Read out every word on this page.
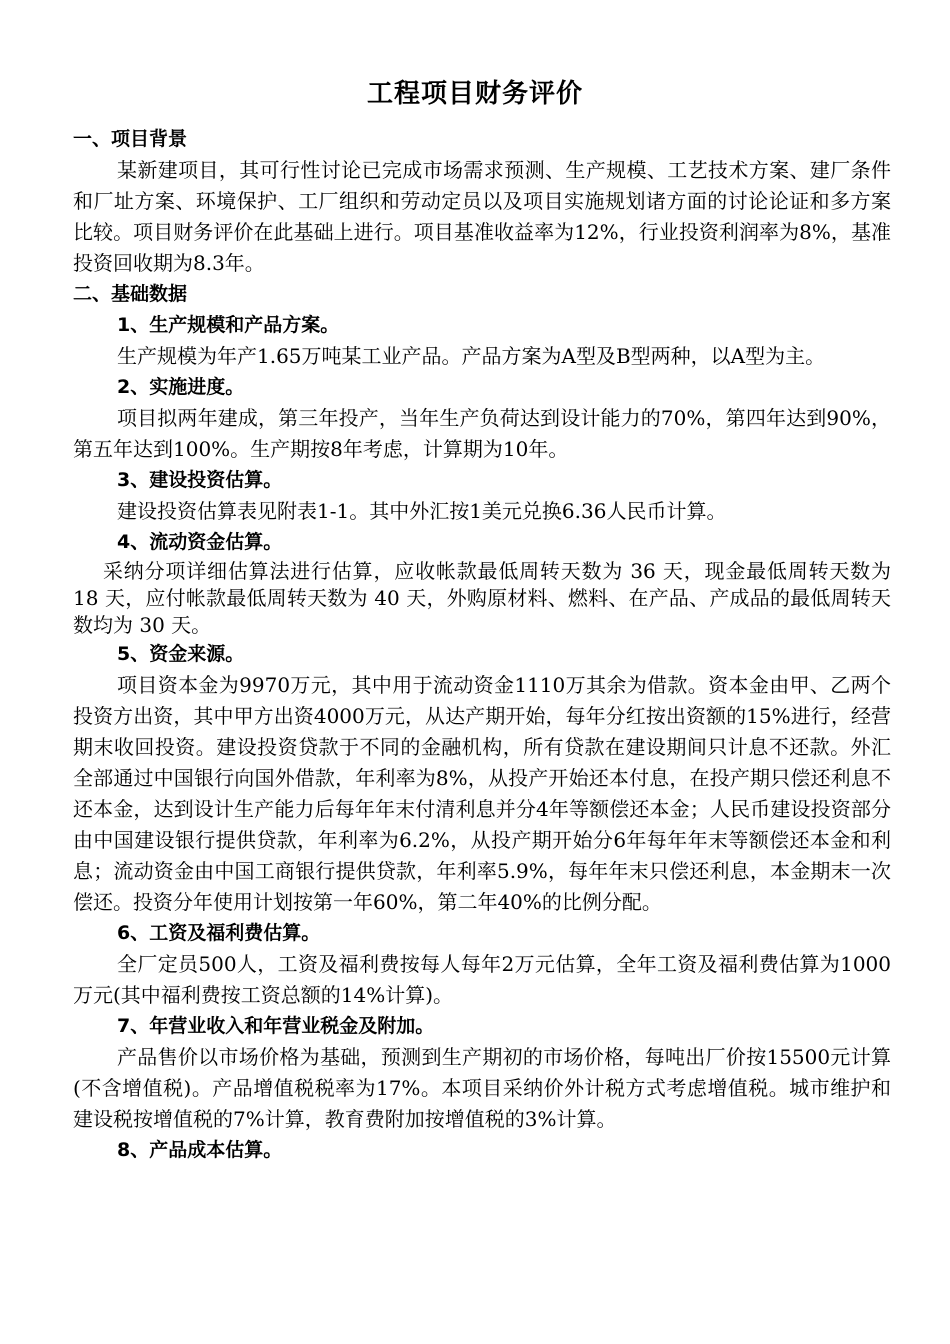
工程项目财务评价
一、项目背景

某新建项目，其可行性讨论已完成市场需求预测、生产规模、工艺技术方案、建厂条件和厂址方案、环境保护、工厂组织和劳动定员以及项目实施规划诸方面的讨论论证和多方案比较。项目财务评价在此基础上进行。项目基准收益率为12%，行业投资利润率为8%，基准投资回收期为8.3年。

二、基础数据
1、生产规模和产品方案。

生产规模为年产1.65万吨某工业产品。产品方案为A型及B型两种，以A型为主。

2、实施进度。

项目拟两年建成，第三年投产，当年生产负荷达到设计能力的70%，第四年达到90%，第五年达到100%。生产期按8年考虑，计算期为10年。

3、建设投资估算。

建设投资估算表见附表1-1。其中外汇按1美元兑换6.36人民币计算。

4、流动资金估算。

采纳分项详细估算法进行估算，应收帐款最低周转天数为 36 天，现金最低周转天数为 18 天，应付帐款最低周转天数为 40 天，外购原材料、燃料、在产品、产成品的最低周转天数均为 30 天。

5、资金来源。

项目资本金为9970万元，其中用于流动资金1110万其余为借款。资本金由甲、乙两个投资方出资，其中甲方出资4000万元，从达产期开始，每年分红按出资额的15%进行，经营期末收回投资。建设投资贷款于不同的金融机构，所有贷款在建设期间只计息不还款。外汇全部通过中国银行向国外借款，年利率为8%，从投产开始还本付息，在投产期只偿还利息不还本金，达到设计生产能力后每年年末付清利息并分4年等额偿还本金；人民币建设投资部分由中国建设银行提供贷款，年利率为6.2%，从投产期开始分6年每年年末等额偿还本金和利息；流动资金由中国工商银行提供贷款，年利率5.9%，每年年末只偿还利息，本金期末一次偿还。投资分年使用计划按第一年60%，第二年40%的比例分配。

6、工资及福利费估算。

全厂定员500人，工资及福利费按每人每年2万元估算，全年工资及福利费估算为1000万元(其中福利费按工资总额的14%计算)。

7、年营业收入和年营业税金及附加。

产品售价以市场价格为基础，预测到生产期初的市场价格，每吨出厂价按15500元计算(不含增值税)。产品增值税税率为17%。本项目采纳价外计税方式考虑增值税。城市维护和建设税按增值税的7%计算，教育费附加按增值税的3%计算。

8、产品成本估算。
